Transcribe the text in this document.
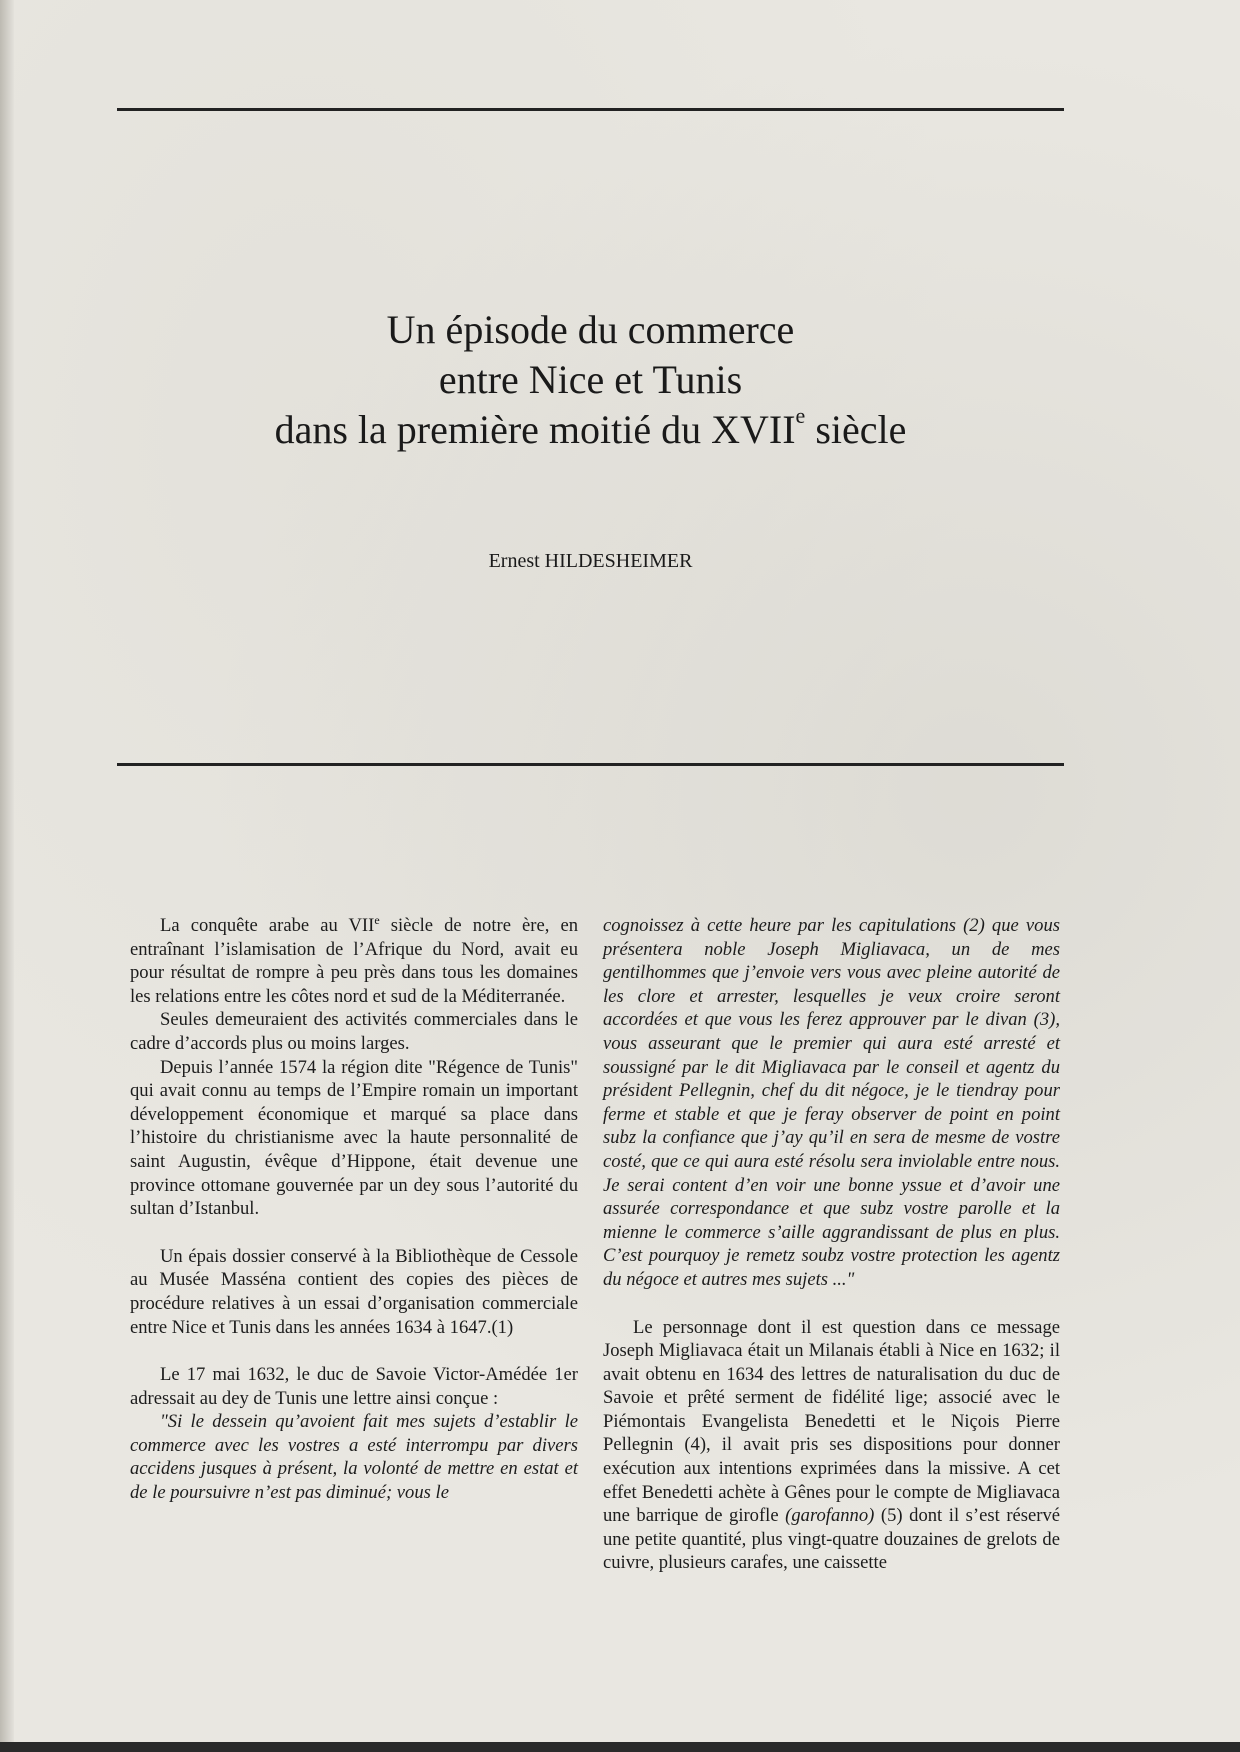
Un épisode du commerce
entre Nice et Tunis
dans la première moitié du XVIIe siècle
Ernest HILDESHEIMER

La conquête arabe au VIIe siècle de notre ère, en entraînant l’islamisation de l’Afrique du Nord, avait eu pour résultat de rompre à peu près dans tous les domaines les relations entre les côtes nord et sud de la Méditerranée.

Seules demeuraient des activités commerciales dans le cadre d’accords plus ou moins larges.

Depuis l’année 1574 la région dite "Régence de Tunis" qui avait connu au temps de l’Empire romain un important développement économique et marqué sa place dans l’histoire du christianisme avec la haute personnalité de saint Augustin, évêque d’Hippone, était devenue une province ottomane gouvernée par un dey sous l’autorité du sultan d’Istanbul.

Un épais dossier conservé à la Bibliothèque de Cessole au Musée Masséna contient des copies des pièces de procédure relatives à un essai d’organisation commerciale entre Nice et Tunis dans les années 1634 à 1647.(1)

Le 17 mai 1632, le duc de Savoie Victor-Amédée 1er adressait au dey de Tunis une lettre ainsi conçue :

"Si le dessein qu’avoient fait mes sujets d’establir le commerce avec les vostres a esté interrompu par divers accidens jusques à présent, la volonté de mettre en estat et de le poursuivre n’est pas diminué; vous le

cognoissez à cette heure par les capitulations (2) que vous présentera noble Joseph Migliavaca, un de mes gentilhommes que j’envoie vers vous avec pleine autorité de les clore et arrester, lesquelles je veux croire seront accordées et que vous les ferez approuver par le divan (3), vous asseurant que le premier qui aura esté arresté et soussigné par le dit Migliavaca par le conseil et agentz du président Pellegnin, chef du dit négoce, je le tiendray pour ferme et stable et que je feray observer de point en point subz la confiance que j’ay qu’il en sera de mesme de vostre costé, que ce qui aura esté résolu sera inviolable entre nous. Je serai content d’en voir une bonne yssue et d’avoir une assurée correspondance et que subz vostre parolle et la mienne le commerce s’aille aggrandissant de plus en plus. C’est pourquoy je remetz soubz vostre protection les agentz du négoce et autres mes sujets ..."

Le personnage dont il est question dans ce message Joseph Migliavaca était un Milanais établi à Nice en 1632; il avait obtenu en 1634 des lettres de naturalisation du duc de Savoie et prêté serment de fidélité lige; associé avec le Piémontais Evangelista Benedetti et le Niçois Pierre Pellegnin (4), il avait pris ses dispositions pour donner exécution aux intentions exprimées dans la missive. A cet effet Benedetti achète à Gênes pour le compte de Migliavaca une barrique de girofle (garofanno) (5) dont il s’est réservé une petite quantité, plus vingt-quatre douzaines de grelots de cuivre, plusieurs carafes, une caissette
